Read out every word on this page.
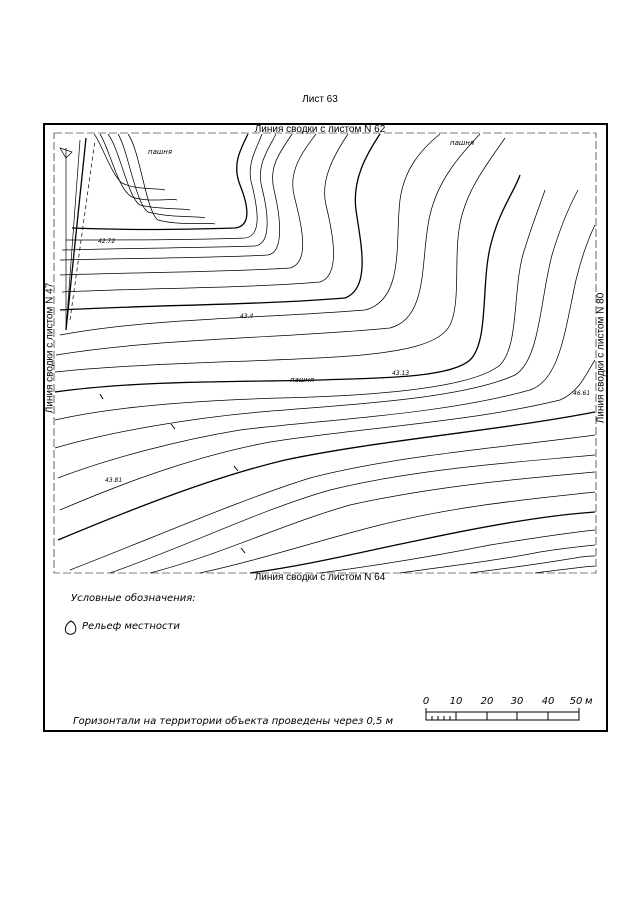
Лист 63
пашня
пашня
пашня
42.72
43.4
43.13
46.61
43.81
Линия сводки с листом N 62
Линия сводки с листом N 64
Линия сводки с листом N 47	Линия сводки с листом N 80
Условные обозначения:
Рельеф местности
0 10 20 30 40 50 м
Горизонтали на территории объекта проведены через 0,5 м
